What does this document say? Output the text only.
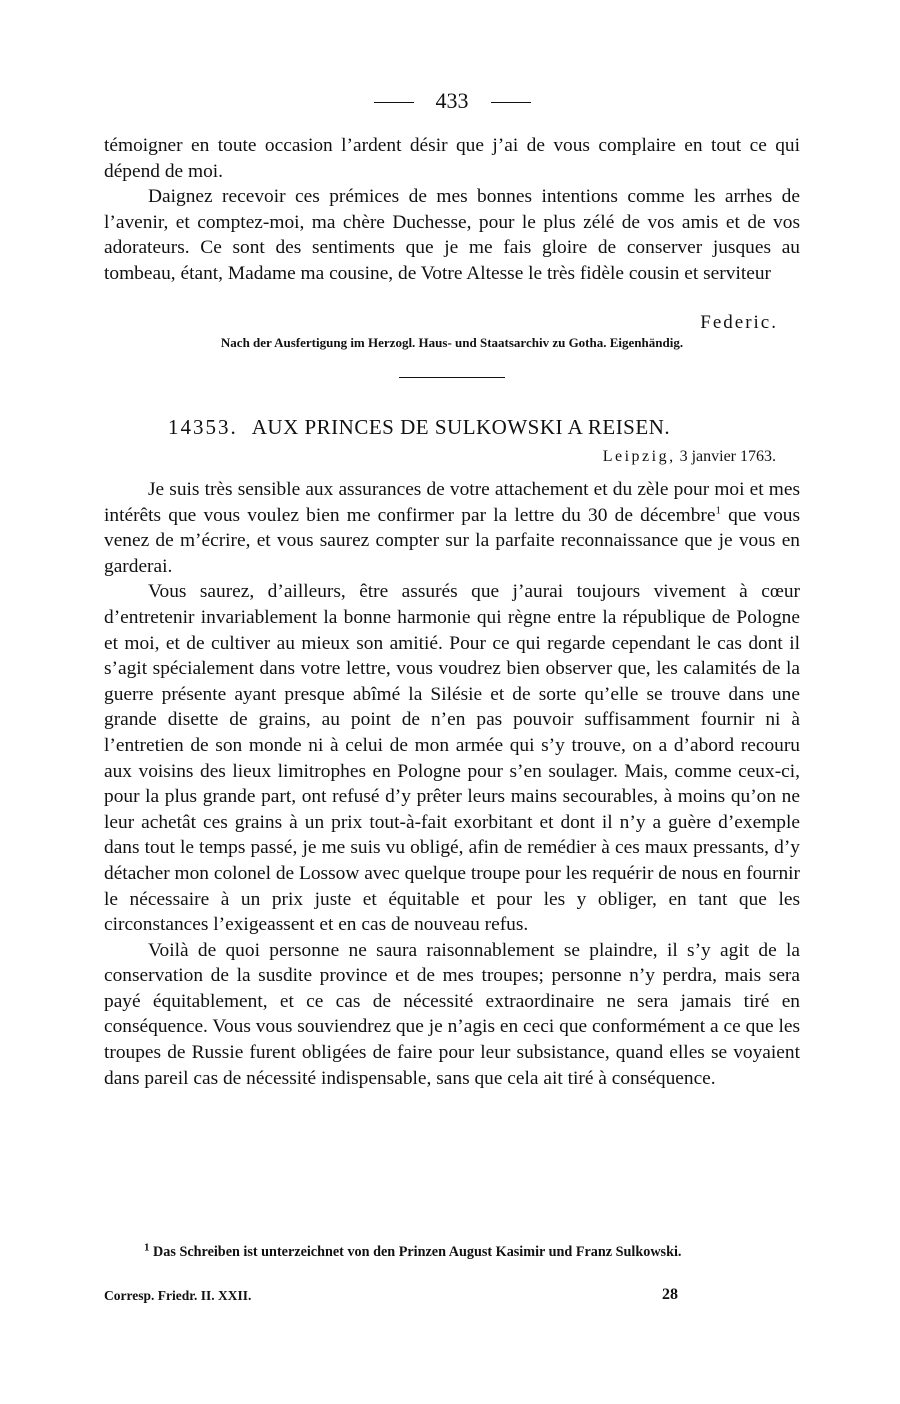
433

témoigner en toute occasion l’ardent désir que j’ai de vous complaire en tout ce qui dépend de moi.

Daignez recevoir ces prémices de mes bonnes intentions comme les arrhes de l’avenir, et comptez-moi, ma chère Duchesse, pour le plus zélé de vos amis et de vos adorateurs. Ce sont des sentiments que je me fais gloire de conserver jusques au tombeau, étant, Madame ma cousine, de Votre Altesse le très fidèle cousin et serviteur

Federic.
Nach der Ausfertigung im Herzogl. Haus- und Staatsarchiv zu Gotha. Eigenhändig.
14353. AUX PRINCES DE SULKOWSKI A REISEN.
Leipzig, 3 janvier 1763.

Je suis très sensible aux assurances de votre attachement et du zèle pour moi et mes intérêts que vous voulez bien me confirmer par la lettre du 30 de décembre$^1$ que vous venez de m’écrire, et vous saurez compter sur la parfaite reconnaissance que je vous en garderai.

Vous saurez, d’ailleurs, être assurés que j’aurai toujours vivement à cœur d’entretenir invariablement la bonne harmonie qui règne entre la république de Pologne et moi, et de cultiver au mieux son amitié. Pour ce qui regarde cependant le cas dont il s’agit spécialement dans votre lettre, vous voudrez bien observer que, les calamités de la guerre présente ayant presque abîmé la Silésie et de sorte qu’elle se trouve dans une grande disette de grains, au point de n’en pas pouvoir suffisamment fournir ni à l’entretien de son monde ni à celui de mon armée qui s’y trouve, on a d’abord recouru aux voisins des lieux limitrophes en Pologne pour s’en soulager. Mais, comme ceux-ci, pour la plus grande part, ont refusé d’y prêter leurs mains secourables, à moins qu’on ne leur achetât ces grains à un prix tout-à-fait exorbitant et dont il n’y a guère d’exemple dans tout le temps passé, je me suis vu obligé, afin de remédier à ces maux pressants, d’y détacher mon colonel de Lossow avec quelque troupe pour les requérir de nous en fournir le nécessaire à un prix juste et équitable et pour les y obliger, en tant que les circonstances l’exigeassent et en cas de nouveau refus.

Voilà de quoi personne ne saura raisonnablement se plaindre, il s’y agit de la conservation de la susdite province et de mes troupes; personne n’y perdra, mais sera payé équitablement, et ce cas de nécessité extraordinaire ne sera jamais tiré en conséquence. Vous vous souviendrez que je n’agis en ceci que conformément a ce que les troupes de Russie furent obligées de faire pour leur subsistance, quand elles se voyaient dans pareil cas de nécessité indispensable, sans que cela ait tiré à conséquence.

$^1$ Das Schreiben ist unterzeichnet von den Prinzen August Kasimir und Franz Sulkowski.
Corresp. Friedr. II. XXII.	28
